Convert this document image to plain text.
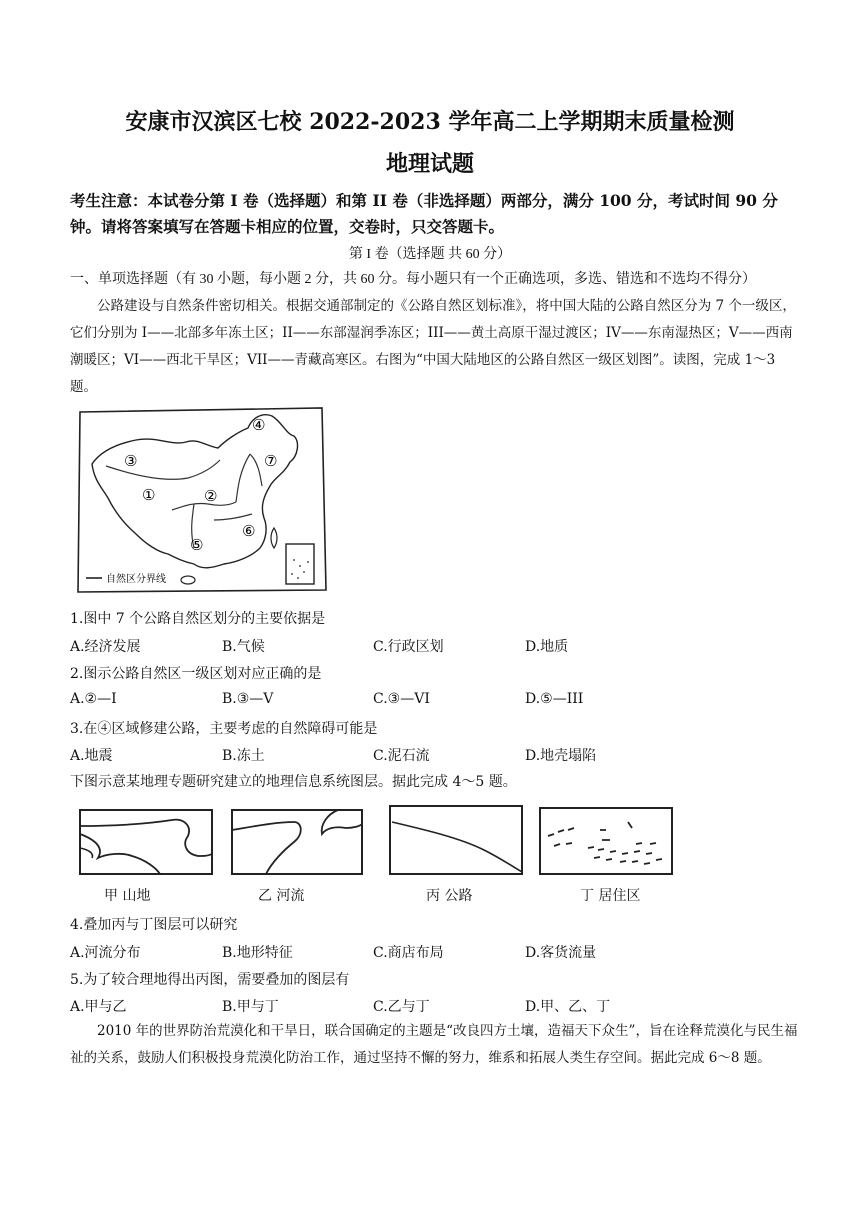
安康市汉滨区七校 2022-2023 学年高二上学期期末质量检测
地理试题
考生注意：本试卷分第 I 卷（选择题）和第 II 卷（非选择题）两部分，满分 100 分，考试时间 90 分钟。请将答案填写在答题卡相应的位置，交卷时，只交答题卡。
第 I 卷（选择题 共 60 分）
一、单项选择题（有 30 小题，每小题 2 分，共 60 分。每小题只有一个正确选项，多选、错选和不选均不得分）
公路建设与自然条件密切相关。根据交通部制定的《公路自然区划标准》，将中国大陆的公路自然区分为 7 个一级区，它们分别为 I——北部多年冻土区；II——东部湿润季冻区；III——黄土高原干湿过渡区；IV——东南湿热区；V——西南潮暖区；VI——西北干旱区；VII——青藏高寒区。右图为“中国大陆地区的公路自然区一级区划图”。读图，完成 1～3 题。
①	②
③
④
⑤
⑥
⑦
自然区分界线
1.图中 7 个公路自然区划分的主要依据是
A.经济发展	B.气候	C.行政区划	D.地质
2.图示公路自然区一级区划对应正确的是
A.②—I	B.③—V	C.③—VI	D.⑤—III
3.在④区域修建公路，主要考虑的自然障碍可能是
A.地震	B.冻土	C.泥石流	D.地壳塌陷
下图示意某地理专题研究建立的地理信息系统图层。据此完成 4～5 题。
甲 山地	乙 河流	丙 公路	丁 居住区
4.叠加丙与丁图层可以研究
A.河流分布	B.地形特征	C.商店布局	D.客货流量
5.为了较合理地得出丙图，需要叠加的图层有
A.甲与乙	B.甲与丁	C.乙与丁	D.甲、乙、丁
2010 年的世界防治荒漠化和干旱日，联合国确定的主题是“改良四方土壤，造福天下众生”，旨在诠释荒漠化与民生福祉的关系，鼓励人们积极投身荒漠化防治工作，通过坚持不懈的努力，维系和拓展人类生存空间。据此完成 6～8 题。
